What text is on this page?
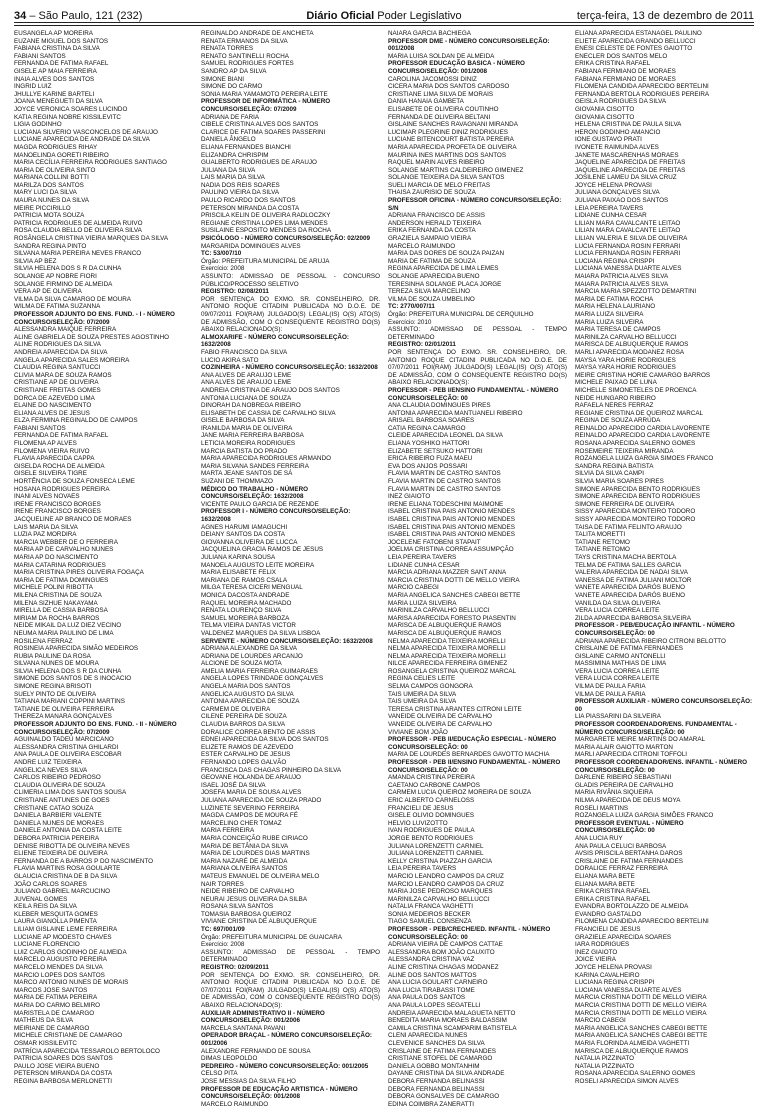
34 – São Paulo, 121 (232)	Diário Oficial Poder Legislativo	terça-feira, 13 de dezembro de 2011
EUSANGELA AP MOREIRA
EUZANE MIGUEL DOS SANTOS
FABIANA CRISTINA DA SILVA
FABIANI SANTOS
FERNANDA DE FATIMA RAFAEL
GISELE AP MAIA FERREIRA
INAIA ALVES DOS SANTOS
INGRID LUIZ
JHULLYE KARINE BARTELI
JOANA MENEGUETI DA SILVA
JOYCE VERONICA SOARES LUCINDO
KATIA REGINA NOBRE KISSILEVITC
LIGIA GODINHO
LUCIANA SILVERIO VASCONCELOS DE ARAUJO
LUCIANE APARECIDA DE ANDRADE DA SILVA
MAGDA RODRIGUES RIHAY
MANOELINDA GORETI RIBEIRO
MARIA CECÍLIA FERREIRA RODRIGUES SANTIAGO
MARIA DE OLIVEIRA SINTO
MARIANA COLLINI BOTTI
MARILZA DOS SANTOS
MARY LUCI DA SILVA
MAURA NUNES DA SILVA
MEIRE PICCIRILLO
PATRICIA MOTA SOUZA
PATRICIA RODRIGUES DE ALMEIDA RUIVO
ROSA CLAUDIA BELLO DE OLIVEIRA SILVA
ROSÂNGELA CRISTINA VIEIRA MARQUES DA SILVA
SANDRA REGINA PINTO
SILVANA MARIA PEREIRA NEVES FRANCO
SILVIA AP BEZ
SILVIA HELENA DOS S R DA CUNHA
SOLANGE AP NOBRE FIORI
SOLANGE FIRMINO DE ALMEIDA
VERA AP DE OLIVEIRA
VILMA DA SILVA CAMARGO DE MOURA
WILMA DE FATIMA SUZANNA
PROFESSOR ADJUNTO DO ENS. FUND. - I - NÚMERO CONCURSO/SELEÇÃO: 07/2009
ALESSANDRA MAIQUE FERREIRA
ALINE GABRIELA DE SOUZA PRESTES AGOSTINHO
ALINE RODRIGUES DA SILVA
ANDREIA APARECIDA DA SILVA
ANGELA APARECIDA SALES MOREIRA
CLAUDIA REGINA SANTUCCI
CLIVIA MARA DE SOUZA RAMOS
CRISTIANE AP DE OLIVEIRA
CRISTIANE FREITAS GOMES
DORCA DE AZEVEDO LIMA
ELAINE DO NASCIMENTO
ELIANA ALVES DE JESUS
ELZA FERMINA REGINALDO DE CAMPOS
FABIANI SANTOS
FERNANDA DE FATIMA RAFAEL
FILOMENA AP ALVES
FILOMENA VIEIRA RUIVO
FLAVIA APARECIDA CAPPA
GISELDA ROCHA DE ALMEIDA
GISELE SILVEIRA TIGRE
HORTÊNCIA DE SOUZA FONSECA LEME
HOSANA RODRIGUES PEREIRA
INANI ALVES NOVAES
IRENE FRANCISCO BORGES
IRENE FRANCISCO BORGES
JACQUELINE AP BRANCO DE MORAES
LAIS MARIA DA SILVA
LUZIA PAZ MORDIRA
MARCIA WEBBER DE O FERREIRA
MARIA AP DE CARVALHO NUNES
MARIA AP DO NASCIMENTO
MARIA CATARINA RODRIGUES
MARIA CRISTINA PIRES OLIVEIRA FOGAÇA
MARIA DE FATIMA DOMINGUES
MICHELE POLINI RIBOTTA
MILENA CRISTINA DE SOUZA
MILENA SIZHUE NAKAYAMA
MIRELLA DE CASSIA BARBOSA
MIRIAM DA ROCHA BARROS
NEIDE MIKAIL DA LUZ DIEZ VECINO
NEUMA MARIA PAULINO DE LIMA
ROSILENA FERRAZ
ROSINEIA APARECIDA SIMÃO MEDEIROS
RUBIA PAULINE DA ROSA
SILVANA NUNES DE MOURA
SILVIA HELENA DOS S R DA CUNHA
SIMONE DOS SANTOS DE S INOCACIO
SIMONE REGINA BRISOTI
SUELY PINTO DE OLIVEIRA
TATIANA MARIANI COPPINI MARTINS
TATIANE DE OLIVEIRA FERREIRA
THEREZA MANARA GONÇALVES
PROFESSOR ADJUNTO DO ENS. FUND. - II - NÚMERO CONCURSO/SELEÇÃO: 07/2009
AGUINALDO TADEU MARCICANO
ALESSANDRA CRISTINA GHILARDI
ANA PAULA DE OLIVEIRA ESCOBAR
ANDRE LUIZ TEIXEIRA
ANGELICA NEVES SILVA
CARLOS RIBEIRO PEDROSO
CLAUDIA OLIVEIRA DE SOUZA
CLIMERIA LIMA DOS SANTOS SOUSA
CRISTIANE ANTUNES DE GOES
CRISTIANE CATAO SOUZA
DANIELA BARBIERI VALENTE
DANIELA NUNES DE MORAES
DANIELE ANTONIA DA COSTA LEITE
DEBORA PATRICIA PEREIRA
DENISE RIBOTTA DE OLIVEIRA NEVES
ELIENE TEIXEIRA DE OLIVEIRA
FERNANDA DE A BARROS P DO NASCIMENTO
FLAVIA MARTINS ROSA GOULARTE
GLAUCIA CRISTINA DE B DA SILVA
JOÃO CARLOS SOARES
JULIANO GABRIEL MARCUCINO
JUVENAL GOMES
KEILA REIS DA SILVA
KLEBER MESQUITA GOMES
LAURA GIANOLLA PIMENTA
LILIAM GISLAINE LEME FERREIRA
LUCIANE AP MODESTO CHAVES
LUCIANE FLORENCIO
LUIZ CARLOS GODINHO DE ALMEIDA
MARCELO AUGUSTO PEREIRA
MARCELO MENDES DA SILVA
MARCIO LOPES DOS SANTOS
MARCO ANTONIO NUNES DE MORAIS
MARCOS JOSE SANTOS
MARIA DE FATIMA PEREIRA
MARIA DO CARMO BELMIRO
MARISTELA DE CAMARGO
MATHEUS DA SILVA
MEIRIANE DE CAMARGO
MICHELE CRISTIANE DE CAMARGO
OSMAR KISSILEVITC
PATRÍCIA APARECIDA TESSAROLO BERTOLOCO
PATRICIA SOARES DOS SANTOS
PAULO JOSE VIEIRA BUENO
PETERSON MIRANDA DA COSTA
REGINA BARBOSA MERLONETTI
REGINALDO ANDRADE DE ANCHIETA
RENATA ERMANOS DA SILVA
RENATA TORRES
RENATO SANTINELLI ROCHA
SAMUEL RODRIGUES FORTES
SANDRO AP DA SILVA
SIMONE BIANI
SIMONE DO CARMO
SONIA MARIA YAMAMOTO PEREIRA LEITE
PROFESSOR DE INFORMÁTICA - NÚMERO CONCURSO/SELEÇÃO: 07/2009
ADRIANA DE FARIA
CIBELE CRISTINA ALVES DOS SANTOS
CLARICE DE FATIMA SOARES PASSERINI
DANIELA ÂNGELO
ELIANA FERNANDES BIANCHI
ELIZANDRA CHRISPIM
GUALBERTO RODRIGUES DE ARAUJO
JULIANA DA SILVA
LAIS MARIA DA SILVA
NADIA DOS REIS SOARES
PAULINO VIEIRA DA SILVA
PAULO RICARDO DOS SANTOS
PETERSON MIRANDA DA COSTA
PRISCILA KELIN DE OLIVEIRA RADLOCZKY
REGIANE CRISTINA LOPES LIMA MENDES
SUSILAINE ESPOSITO MENDES DA ROCHA
PSICÓLOGO - NÚMERO CONCURSO/SELEÇÃO: 02/2009
MARGARIDA DOMINGUES ALVES
TC: 53/007/10
Órgão: PREFEITURA MUNICIPAL DE ARUJA
Exercício: 2008
ASSUNTO: ADMISSAO DE PESSOAL - CONCURSO PÚBLICO/PROCESSO SELETIVO
REGISTRO: 02/08/2011
POR SENTENÇA DO EXMO. SR. CONSELHEIRO, DR. ANTONIO ROQUE CITADINI PUBLICADA NO D.O.E. DE 09/07/2011 FOI(RAM) JULGADO(S) LEGAL(IS) O(S) ATO(S) DE ADMISSÃO, COM O CONSEQUENTE REGISTRO DO(S) ABAIXO RELACIONADO(S):
ALMOXARIFE - NÚMERO CONCURSO/SELEÇÃO: 1632/2008
FABIO FRANCISCO DA SILVA
LUCIO AKIRA SATO
COZINHEIRA - NÚMERO CONCURSO/SELEÇÃO: 1632/2008
ANA ALVES DE ARAUJO LEME
ANA ALVES DE ARAUJO LEME
ANDREIA CRISTINA DE ARAUJO DOS SANTOS
ANTONIA LUCIANA DE SOUZA
DINORAH DA NOBREGA RIBEIRO
ELISABETH DE CASSIA DE CARVALHO SILVA
GISELE BARBOSA DA SILVA
IRANILDA MARIA DE OLIVEIRA
JANE MARIA FERREIRA BARBOSA
LETICIA MOREIRA RODRIGUES
MARCIA BATISTA DO PRADO
MARIA APARECIDA RODRIGUES ARMANDO
MARIA SILVANA SANDES FERREIRA
MARTA JEANE SANTOS DE SÁ
SUZANI DE THOMMAZO
MÉDICO DO TRABALHO - NÚMERO CONCURSO/SELEÇÃO: 1632/2008
VICENTE PAULO GARCIA DE REZENDE
PROFESSOR I - NÚMERO CONCURSO/SELEÇÃO: 1632/2008
AGNES HARUMI IAMAGUCHI
DEIANY SANTOS DA COSTA
GIOVANNA OLIVEIRA DE LUCCA
JACQUELINA GRACIA RAMOS DE JESUS
JULIANA KARINA SOUSA
MANOELA AUGUSTO LEITE MOREIRA
MARIA ELISABETE FELIX
MARIANA DE RAMOS CSALA
MILGA TERESA CICERI MENGUAL
MONICA DACOSTA ANDRADE
RAQUEL MOREIRA MACHADO
RENATA LOURENÇO SILVA
SAMUEL MOREIRA BARBOZA
TELMA VIEIRA DANTAS VICTOR
VALDENEZ MARQUES DA SILVA LISBOA
SERVENTE - NÚMERO CONCURSO/SELEÇÃO: 1632/2008
ADRIANA ALEXANDRE DA SILVA
ADRIANA DE LOURDES ARCANJO
ALCIONE DE SOUZA MOTA
AMELIA MARIA FERREIRA GUIMARAES
ANGELA LOPES TRINDADE GONÇALVES
ANGELA MARIA DOS SANTOS
ANGELICA AUGUSTO DA SILVA
ANTONIA APARECIDA DE SOUZA
CARMEM DE OLIVEIRA
CILENE PEREIRA DE SOUZA
CLAUDIA BARROS DA SILVA
DORALICE CORREA BENTO DE ASSIS
EDNEI APARECIDA DA SILVA DOS SANTOS
ELIZETE RAMOS DE AZEVEDO
ESTER CARVALHO DE JESUS
FERNANDO LOPES GALVÃO
FRANCISCA DAS CHAGAS PINHEIRO DA SILVA
GEOVANE HOLANDA DE ARAUJO
ISAEL JOSÉ DA SILVA
JOSEFA MARIA DE SOUSA ALVES
JULIANA APARECIDA DE SOUZA PRADO
LUZINETE SEVERINO FERREIRA
MAGDA CAMPOS DE MOURA FÉ
MARCELINO CHER TOMAZ
MARIA FERREIRA
MARIA CONCEIÇÃO RUBE CIRIACO
MARIA DE BETÂNIA DA SILVA
MARIA DE LOURDES DIAS MARTINS
MARIA NAZARÉ DE ALMEIDA
MARIANA OLIVEIRA SANTOS
MATEUS EMANUEL DE OLIVEIRA MELO
NAIR TORRES
NEIDE RIBEIRO DE CARVALHO
NEURAI JESUS OLIVEIRA DA SILBA
ROSANA SILVA SANTOS
TOMASIA BARBOSA QUEIROZ
VIVIANE CRISTINA DE ALBUQUERQUE
TC: 697/001/09
Órgão: PREFEITURA MUNICIPAL DE GUAICARA
Exercício: 2008
ASSUNTO: ADMISSAO DE PESSOAL - TEMPO DETERMINADO
REGISTRO: 02/09/2011
POR SENTENÇA DO EXMO. SR. CONSELHEIRO, DR. ANTONIO ROQUE CITADINI PUBLICADA NO D.O.E. DE 07/07/2011 FOI(RAM) JULGADO(S) LEGAL(IS) O(S) ATO(S) DE ADMISSÃO, COM O CONSEQUENTE REGISTRO DO(S) ABAIXO RELACIONADO(S):
AUXILIAR ADMINISTRATIVO II - NÚMERO CONCURSO/SELEÇÃO: 001/2006
MARCELA SANTANA PAVANI
OPERADOR BRAÇAL - NÚMERO CONCURSO/SELEÇÃO: 001/2006
ALEXANDRE FERNANDO DE SOUSA
DIMAS LEOPOLDO
PEDREIRO - NÚMERO CONCURSO/SELEÇÃO: 001/2005
CELSO PITA
JOSE MESSIAS DA SILVA FILHO
PROFESSOR DE EDUCAÇÃO ARTISTICA - NÚMERO CONCURSO/SELEÇÃO: 001/2008
MARCELO RAIMUNDO
NAIARA GARCIA BACHIEGA
PROFESSOR DME - NÚMERO CONCURSO/SELEÇÃO: 001/2008
MARIA LUISA SOLDAN DE ALMEIDA
PROFESSOR EDUCAÇÃO BASICA - NÚMERO CONCURSO/SELEÇÃO: 001/2008
CAROLINA JACOMOSSI DINIZ
CICERA MARIA DOS SANTOS CARDOSO
CRISTIANE LIMA SILVA DE MORAIS
DANIA HANAIA GAMBETA
ELISABETE DE OLIVEIRA COUTINHO
FERNANDA DE OLIVEIRA BELTANI
GISLAINE SANCHES RAVAGNANI MIRANDA
LUCIMAR PLEGRINE DINIZ RODRIGUES
LUCIANE BITENCOURT BATISTA PEREIRA
MARIA APARECIDA PROFETA DE OLIVEIRA
MAURINA INES MARTINS DOS SANTOS
RAQUEL MARIN ALVES RIBEIRO
SOLANGE MARTINS CALDEIREIRO GIMENEZ
SOLANGE TEIXEIRA DA SILVA SANTOS
SUELI MARCIA DE MELO FREITAS
THAISA ZAURISIO DE SOUZA
PROFESSOR OFICINA - NÚMERO CONCURSO/SELEÇÃO: S/N
ADRIANA FRANCISCO DE ASSIS
ANDERSON HERALD TEIXEIRA
ERIKA FERNANDA DA COSTA
GRAZIELA SAMPAIO VIEIRA
MARCELO RAIMUNDO
MARIA DAS DORES DE SOUZA PAIZAN
MARIA DE FATIMA DE SOUZA
REGINA APARECIDA DE LIMA LEMES
SOLANGE APARECIDA BUENO
TERESINHA SOLANGE PLACA JORGE
TEREZA SILVA MARCELINO
VILMA DE SOUZA UMBELINO
TC: 2770/007/11
Órgão: PREFEITURA MUNICIPAL DE CERQUILHO
Exercício: 2010
ASSUNTO: ADMISSAO DE PESSOAL - TEMPO DETERMINADO
REGISTRO: 02/01/2011
POR SENTENÇA DO EXMO. SR. CONSELHEIRO, DR. ANTONIO ROQUE CITADINI PUBLICADA NO D.O.E. DE 07/07/2011 FOI(RAM) JULGADO(S) LEGAL(IS) O(S) ATO(S) DE ADMISSÃO, COM O CONSEQUENTE REGISTRO DO(S) ABAIXO RELACIONADO(S):
PROFESSOR - PEB I/ENSINO FUNDAMENTAL - NÚMERO CONCURSO/SELEÇÃO: 00
ANA CLAUDIA DOMINGUES PIRES
ANTONIA APARECIDA MANTUANELI RIBEIRO
ARISAEL BARBOSA SOARES
CATIA REGINA CAMARGO
CLEIDE APARECIDA LEONEL DA SILVA
ELIANA YOSHIKO HATTORI
ELIZABETE SETSUKO HATTORI
ERICA RIBEIRO FUZA MAEU
EVA DOS ANJOS POSSARI
FLAVIA MARTIN DE CASTRO SANTOS
FLAVIA MARTIN DE CASTRO SANTOS
FLAVIA MARTIN DE CASTRO SANTOS
INEZ GIAIOTO
IRENE ELIANA TODESCHINI MAIMONE
ISABEL CRISTINA PAIS ANTONIO MENDES
ISABEL CRISTINA PAIS ANTONIO MENDES
ISABEL CRISTINA PAIS ANTONIO MENDES
ISABEL CRISTINA PAIS ANTONIO MENDES
JOCELENE FATOBENI STAPAIT
JOELMA CRISTINA CORREA ASSUMPÇÃO
LEIA PEREIRA TAVERS
LIDIANE CUNHA CESAR
MARCIA ADRIANA MAZZER SANT ANNA
MARCIA CRISTINA DOTTI DE MELLO VIEIRA
MARCIO CABEGI
MARIA ANGELICA SANCHES CABEGI BETTE
MARIA LUIZA SILVEIRA
MARINILZA CARVALHO BELLUCCI
MARISA APARECIDA FORESTO PIASENTIN
MARISCA DE ALBUQUERQUE RAMOS
MARISCA DE ALBUQUERQUE RAMOS
NELMA APARECIDA TEIXEIRA MORELLI
NELMA APARECIDA TEIXEIRA MORELLI
NELMA APARECIDA TEIXEIRA MORELLI
NILCE APARECIDA FERREIRA GIMENEZ
ROSANGELA CRISTINA QUEIROZ MARCAL
REGINA CELIES LEITE
SELMA CAMPOS GONGORA
TAIS UMEIRA DA SILVA
TAIS UMEIRA DA SILVA
TERESA CRISTINA ARANTES CITRONI LEITE
VANEIDE OLIVEIRA DE CARVALHO
VANEIDE OLIVEIRA DE CARVALHO
VIVIANE BOM JOÃO
PROFESSOR - PEB II/EDUCAÇÃO ESPECIAL - NÚMERO CONCURSO/SELEÇÃO: 00
MARIA DE LOURDES BERNARDES GAVOTTO MACHIA
PROFESSOR - PEB II/ENSINO FUNDAMENTAL - NÚMERO CONCURSO/SELEÇÃO: 00
AMANDA CRISTINA PEREIRA
CAETANO CARBONE CAMPOS
CARMEM LUCIA QUEIROZ MOREIRA DE SOUZA
ERIC ALBERTO CARNELOSS
FRANCIELI DE JESUS
GISELE OLIVIO DOMINGUES
HELVIO LUVIZOTTO
IVAN RODRIGUES DE PAULA
JORGE BENTO RODRIGUES
JULIANA LORENZETTI CARNIEL
JULIANA LORENZETTI CARNIEL
KELLY CRISTINA PIAZZAH GARCIA
LEIA PEREIRA TAVERS
MARCIO LEANDRO CAMPOS DA CRUZ
MARCIO LEANDRO CAMPOS DA CRUZ
MARIA JOSE PEDROSO MARQUES
MARINILZA CARVALHO BELLUCCI
NATALIA FRANCA VAGHETTI
SONIA MEDEIROS BECKER
TIAGO SAMUEL CONSENZA
PROFESSOR - PEB/CRECHE/ED. INFANTIL - NÚMERO CONCURSO/SELEÇÃO: 00
ADRIANA VIEIRA DE CAMPOS CATTAE
ALESSANDRA BOM JOÃO CAUXITO
ALESSANDRA CRISTINA VAZ
ALINE CRISTINA CHAGAS MODANEZ
ALINE DOS SANTOS MATTOS
ANA LUCIA GOULART CARNEIRO
ANA LUCIA TIRABASSI TOME
ANA PAULA DOS SANTOS
ANA PAULA LOPES SEGATELLI
ANDREIA APARECIDA MALAGUETA NETTO
BENEDITA MARIA MORAES BALDASSIM
CAMILA CRISTINA SCAMPARIM BATISTELA
CLENI APARECIDA NUNES
CLEVENICE SANCHES DA SILVA
CRISLAINE DE FATIMA FERNANDES
CRISTIANE STOFEL DE CAMARGO
DANIELA GOBBO MONTANHIM
DAYANE CRISTINA DA SILVA ANDRADE
DEBORA FERNANDA BELINASSI
DEBORA FERNANDA BELINASSI
DEBORA GONSALVES DE CAMARGO
EDINA COIMBRA ZANERATTI
ELIANA APARECIDA ESTANAGEL PAULINO
ELIETE APARECIDA GRANDO BELLUCCI
ENESI CELESTE DE FONTES GAIOTTO
ENECLER DOS SANTOS MELO
ERIKA CRISTINA RAFAEL
FABIANA FERMIANO DE MORAES
FABIANA FERMIANO DE MORAES
FILOMENA CANDIDA APARECIDO BERTELINI
FERNANDA BERTOLA RODRIGUES PEREIRA
GEISLA RODRIGUES DA SILVA
GIOVANIA CISOTTO
GIOVANIA CISOTTO
HELENA CRISTINA DE PAULA SILVA
HERON GODINHO AMANCIO
IONE GUSTAVO PRATI
IVONETE RAIMUNDA ALVES
JANETE MASCARENHAS MORAES
JAQUELINE APARECIDA DE FREITAS
JAQUELINE APARECIDA DE FREITAS
JOSILENE LAMEU DA SILVA CRUZ
JOYCE HELENA PROVASI
JULIANA GONÇALVES SILVA
JULIANA PAIXAO DOS SANTOS
LEIA PEREIRA TAVERS
LIDIANE CUNHA CESAR
LILIAN MARA CAVALCANTE LEITAO
LILIAN MARA CAVALCANTE LEITAO
LILIAN VALERIA E SILVA DE OLIVEIRA
LUCIA FERNANDA ROSIN FERRARI
LUCIA FERNANDA ROSIN FERRARI
LUCIANA REGINA CRISPPI
LUCIANA VANESSA DUARTE ALVES
MAIARA PATRICIA ALVES SILVA
MAIARA PATRICIA ALVES SILVA
MARCIA MARIA SPEZZOTTO DEMARTINI
MARIA DE FATIMA ROCHA
MARIA HELENA LAURIANO
MARIA LUIZA SILVEIRA
MARIA LUIZA SILVEIRA
MARIA TERESA DE CAMPOS
MARINILZA CARVALHO BELLUCCI
MARISCA DE ALBUQUERQUE RAMOS
MARLI APARECIDA MODANEZ ROSA
MAYSA YARA HORIE RODRIGUES
MAYSA YARA HORIE RODRIGUES
MEIRE CRISTINA HORIE CAMARGO BARROS
MICHELE PAIXAO DE LUNA
MICHELLE SIMONETELES DE PROENCA
NEIDE HUNGARO RIBEIRO
RAFAELA NERES FERRAZ
REGIANE CRISTINA DE QUEIROZ MARCAL
REGINA DE SOUZA ARRUDA
REINALDO APARECIDO CARDIA LAVORENTE
REINALDO APARECIDO CARDIA LAVORENTE
ROSANA APARECIDA SALERNO GOMES
ROSEMEIRE TEIXEIRA MIRANDA
ROZANGELA LUIZA GARGIA SIMOES FRANCO
SANDRA REGINA BATISTA
SILVIA DA SILVA CAMPI
SILVIA MARIA SOARES PIRES
SIMONE APARECIDA BENTO RODRIGUES
SIMONE APARECIDA BENTO RODRIGUES
SIMONE FERREIRA DE OLIVEIRA
SISSY APARECIDA MONTEIRO TODORO
SISSY APARECIDA MONTEIRO TODORO
TAISA DE FATIMA FELINTO ARAUJO
TALITA MORETTI
TATIANE RETOMO
TATIANE RETOMO
TAYS CRISTINA MACHA BERTOLA
TELMA DE FATIMA SALLES GARCIA
VALERIA APARECIDA DE NADAI SILVA
VANESSA DE FATIMA JULIANI MOLTOR
VANETE APARECIDA DARÓS BUENO
VANETE APARECIDA DARÓS BUENO
VANILDA DA SILVA OLIVEIRA
VERA LUCIA CORREA LEITE
ZILDA APARECIDA BARBOSA SILVEIRA
PROFESSOR - PEB/EDUCAÇÃO INFANTIL - NÚMERO CONCURSO/SELEÇÃO: 00
ADRIANA APARECIDA RIBEIRO CITRONI BELOTTO
CRISLAINE DE FATIMA FERNANDES
GISLAINE CARMO ANTONELLI
MASSIMINA MATHIAS DE LIMA
VERA LUCIA CORREA LEITE
VERA LUCIA CORREA LEITE
VILMA DE PAULA FARIA
VILMA DE PAULA FARIA
PROFESSOR AUXILIAR - NÚMERO CONCURSO/SELEÇÃO: 00
LIA PIASSARINI DA SILVEIRA
PROFESSOR COORDENADOR/ENS. FUNDAMENTAL - NÚMERO CONCURSO/SELEÇÃO: 00
MARGARETE MEIRE MARTINS DO AMARAL
MARIA ALAIR GAIOTTO MARTON
MARLI APARECIDA CITRONI TOFFOLI
PROFESSOR COORDENADOR/ENS. INFANTIL - NÚMERO CONCURSO/SELEÇÃO: 00
DARLENE RIBEIRO SEBASTIANI
GLADIS PEREIRA DE CARVALHO
MARIA RIVÂNIA SIQUEIRA
NILMA APARECIDA DE DEUS MOYA
ROSELI MARTINS
ROZANGELA LUIZA GARGIA SIMÕES FRANCO
PROFESSOR EVENTUAL - NÚMERO CONCURSO/SELEÇÃO: 00
ANA LUCIA RUY
ANA PAULA CELUCI BARBOSA
AVSIS PRISCILA BERTANHA DAROS
CRISLAINE DE FATIMA FERNANDES
DORALICE FERRAZ FERREIRA
ELIANA MARA BETE
ELIANA MARA BETE
ERIKA CRISTINA RAFAEL
ERIKA CRISTINA RAFAEL
EVANDRA BORTOLAZZO DE ALMEIDA
EVANDRO GASTALDO
FILOMENA CANDIDA APARECIDO BERTELINI
FRANCIELI DE JESUS
GRAZIELE APARECIDA SOARES
IARA RODRIGUES
INEZ GIAIOTO
JOICE VIEIRA
JOYCE HELENA PROVASI
KARINA CAVALHEIRO
LUCIANA REGINA CRISPPI
LUCIANA VANESSA DUARTE ALVES
MARCIA CRISTINA DOTTI DE MELLO VIEIRA
MARCIA CRISTINA DOTTI DE MELLO VIEIRA
MARCIA CRISTINA DOTTI DE MELLO VIEIRA
MARCIO CABEGI
MARIA ANGELICA SANCHES CABEGI BETTE
MARIA ANGELICA SANCHES CABEGI BETTE
MARIA FLORINDA ALMEIDA VAGHETTI
MARISCA DE ALBUQUERQUE RAMOS
NATALIA PIZZINATO
NATALIA PIZZINATO
ROSANA APARECIDA SALERNO GOMES
ROSELI APARECIDA SIMON ALVES
